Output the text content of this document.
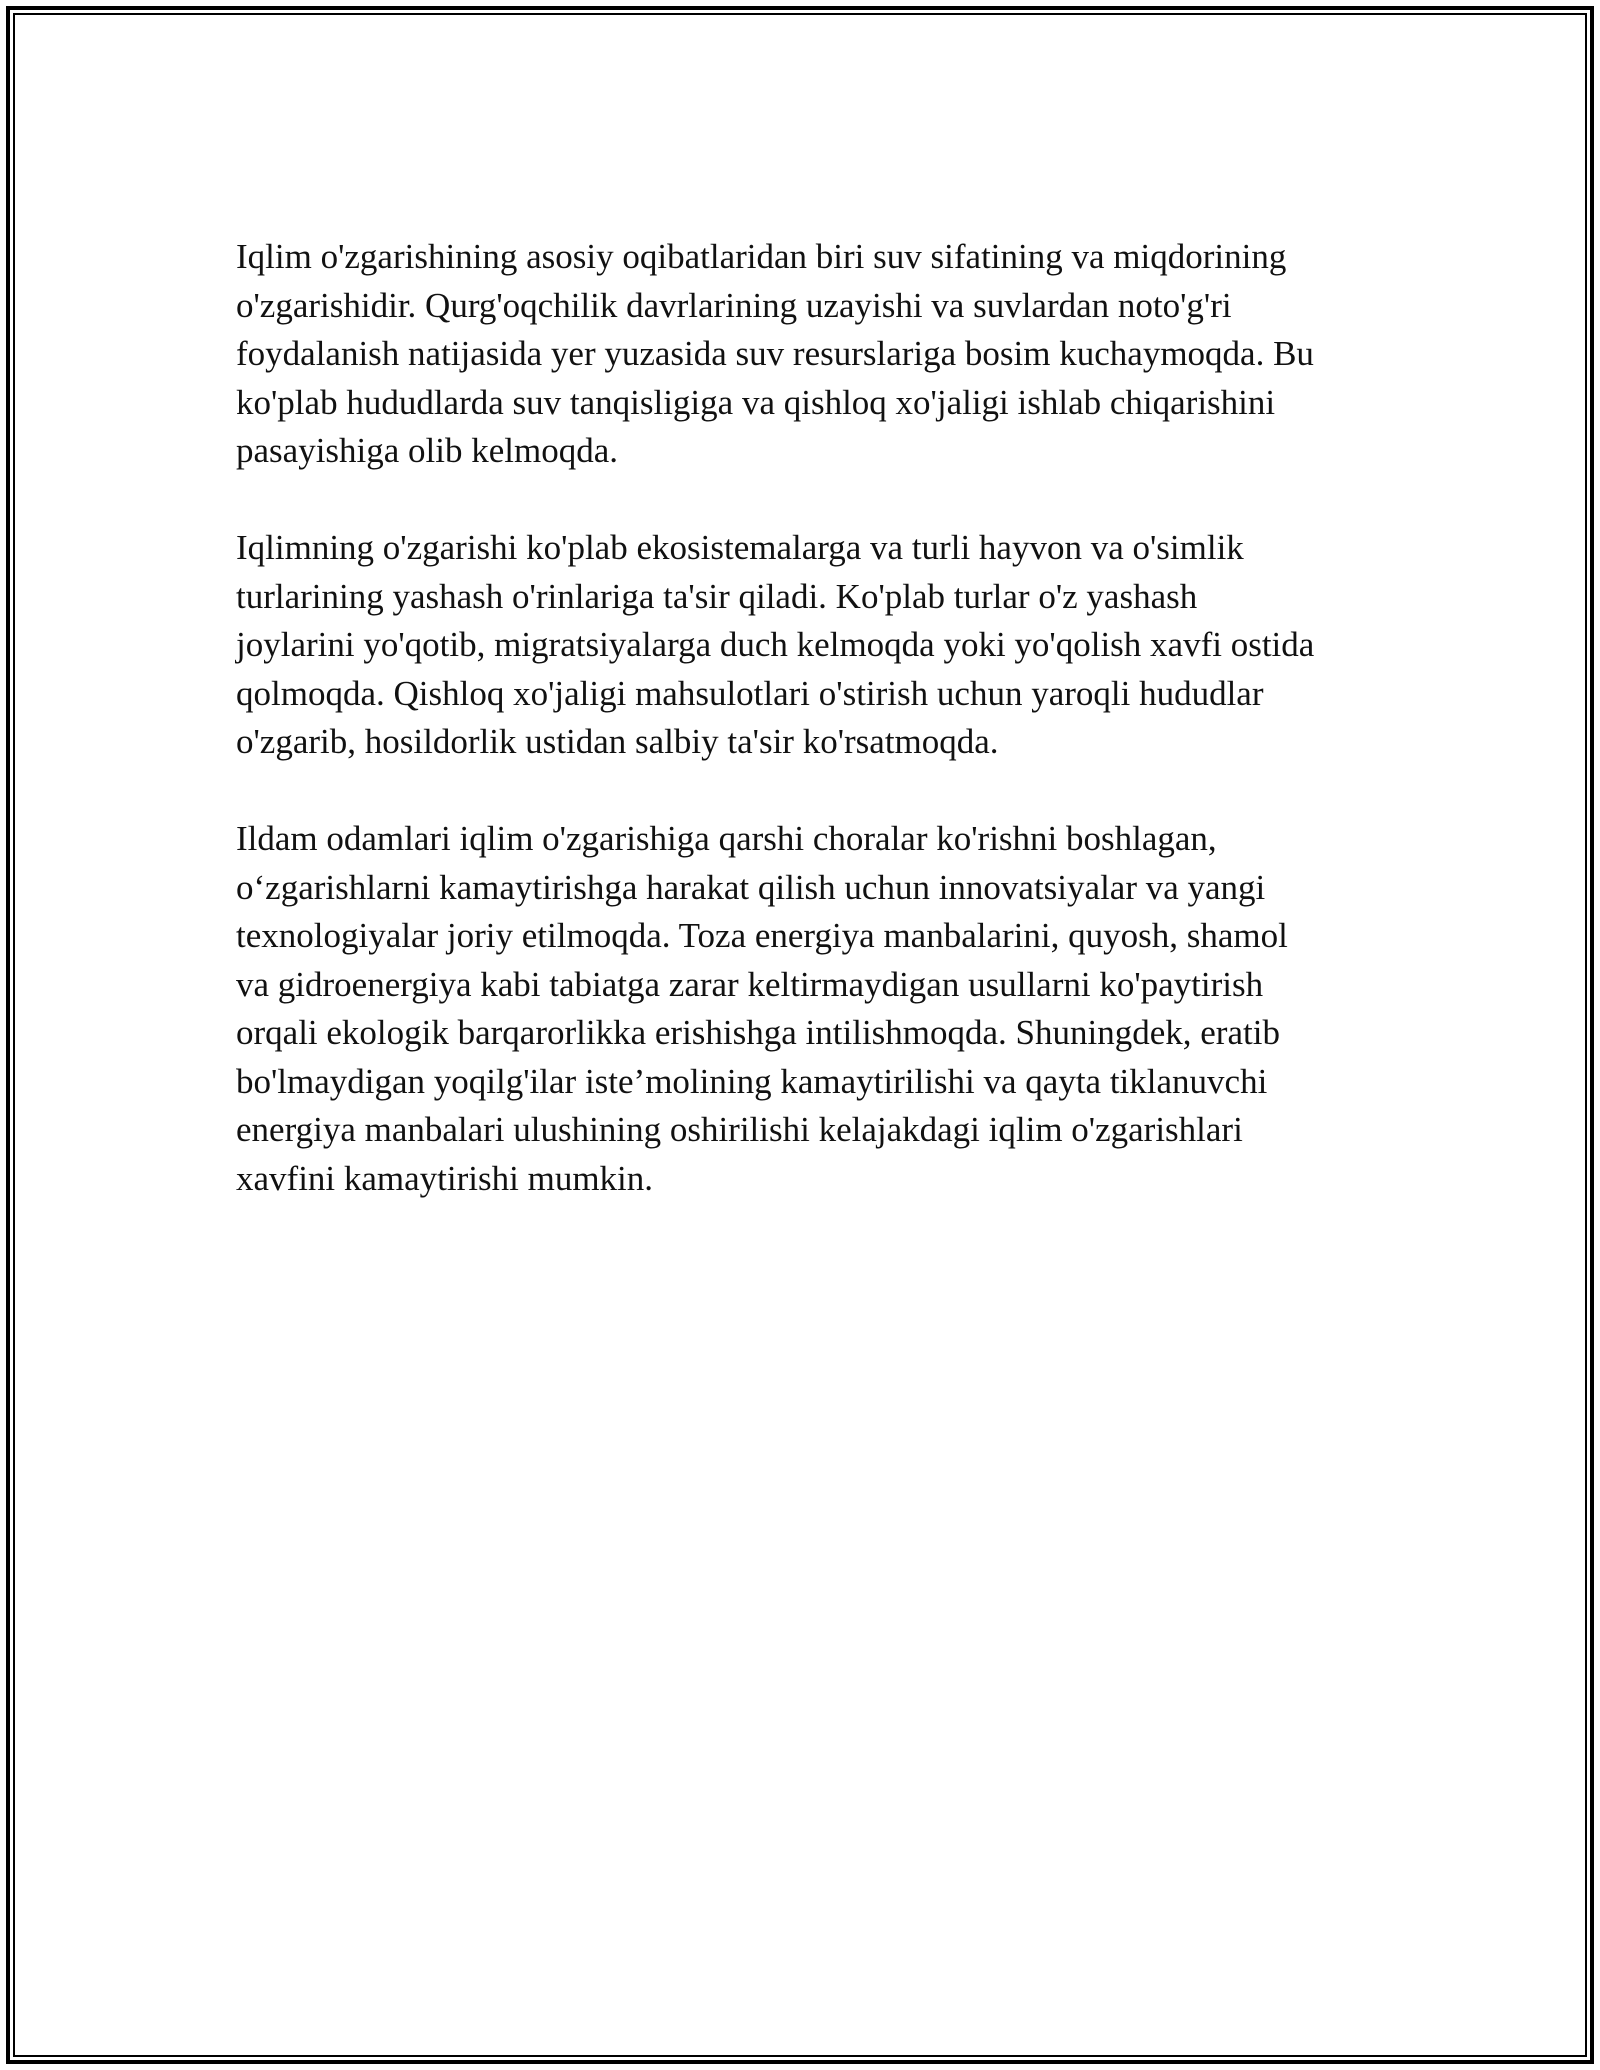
Iqlim o'zgarishining asosiy oqibatlaridan biri suv sifatining va miqdorining
o'zgarishidir. Qurg'oqchilik davrlarining uzayishi va suvlardan noto'g'ri
foydalanish natijasida yer yuzasida suv resurslariga bosim kuchaymoqda. Bu
ko'plab hududlarda suv tanqisligiga va qishloq xo'jaligi ishlab chiqarishini
pasayishiga olib kelmoqda.

Iqlimning o'zgarishi ko'plab ekosistemalarga va turli hayvon va o'simlik
turlarining yashash o'rinlariga ta'sir qiladi. Ko'plab turlar o'z yashash
joylarini yo'qotib, migratsiyalarga duch kelmoqda yoki yo'qolish xavfi ostida
qolmoqda. Qishloq xo'jaligi mahsulotlari o'stirish uchun yaroqli hududlar
o'zgarib, hosildorlik ustidan salbiy ta'sir ko'rsatmoqda.

Ildam odamlari iqlim o'zgarishiga qarshi choralar ko'rishni boshlagan,
o‘zgarishlarni kamaytirishga harakat qilish uchun innovatsiyalar va yangi
texnologiyalar joriy etilmoqda. Toza energiya manbalarini, quyosh, shamol
va gidroenergiya kabi tabiatga zarar keltirmaydigan usullarni ko'paytirish
orqali ekologik barqarorlikka erishishga intilishmoqda. Shuningdek, eratib
bo'lmaydigan yoqilg'ilar iste’molining kamaytirilishi va qayta tiklanuvchi
energiya manbalari ulushining oshirilishi kelajakdagi iqlim o'zgarishlari
xavfini kamaytirishi mumkin.
